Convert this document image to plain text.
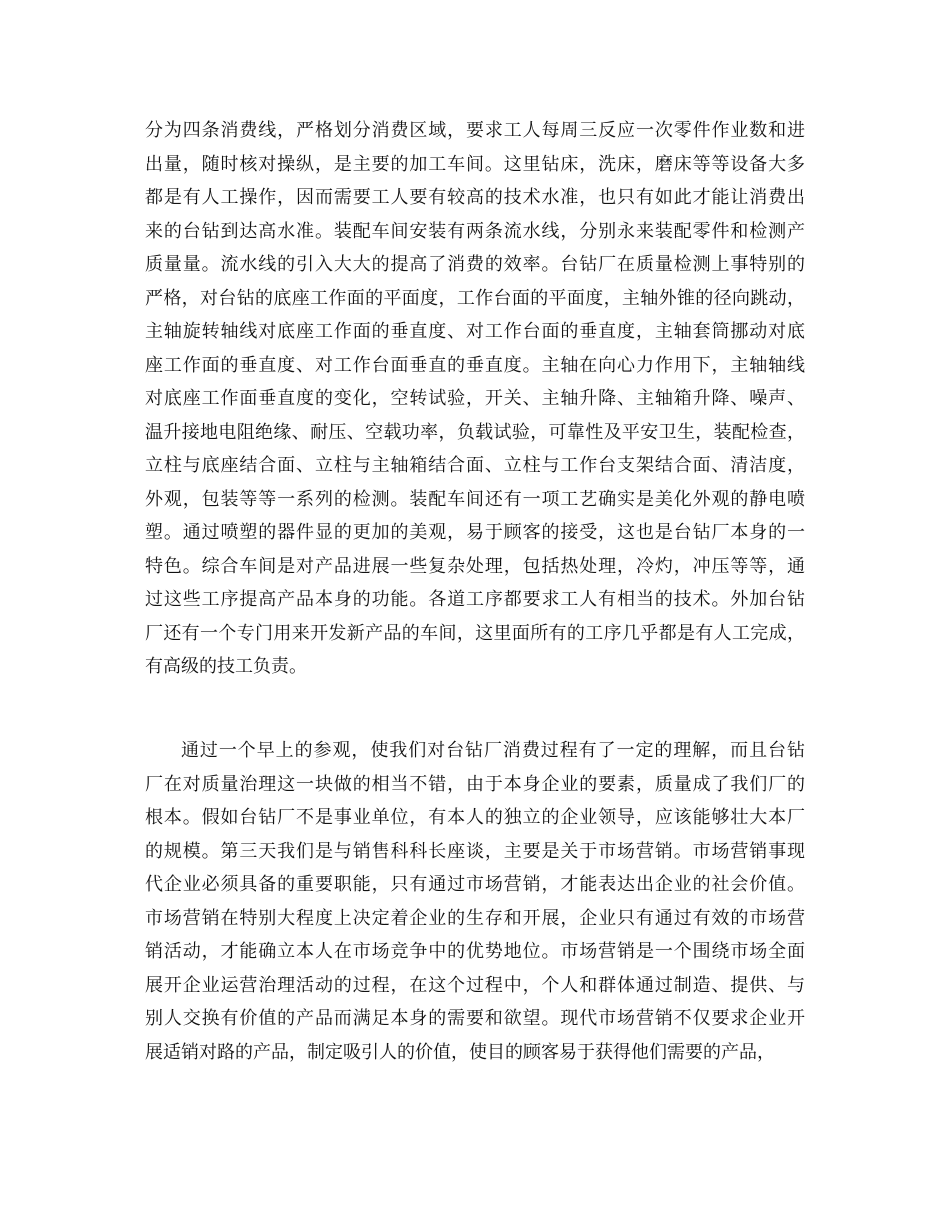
分为四条消费线，严格划分消费区域，要求工人每周三反应一次零件作业数和进
出量，随时核对操纵，是主要的加工车间。这里钻床，洗床，磨床等等设备大多
都是有人工操作，因而需要工人要有较高的技术水准，也只有如此才能让消费出
来的台钻到达高水准。装配车间安装有两条流水线，分别永来装配零件和检测产
质量量。流水线的引入大大的提高了消费的效率。台钻厂在质量检测上事特别的
严格，对台钻的底座工作面的平面度，工作台面的平面度，主轴外锥的径向跳动，
主轴旋转轴线对底座工作面的垂直度、对工作台面的垂直度，主轴套筒挪动对底
座工作面的垂直度、对工作台面垂直的垂直度。主轴在向心力作用下，主轴轴线
对底座工作面垂直度的变化，空转试验，开关、主轴升降、主轴箱升降、噪声、
温升接地电阻绝缘、耐压、空载功率，负载试验，可靠性及平安卫生，装配检查，
立柱与底座结合面、立柱与主轴箱结合面、立柱与工作台支架结合面、清洁度，
外观，包装等等一系列的检测。装配车间还有一项工艺确实是美化外观的静电喷
塑。通过喷塑的器件显的更加的美观，易于顾客的接受，这也是台钻厂本身的一
特色。综合车间是对产品进展一些复杂处理，包括热处理，冷灼，冲压等等，通
过这些工序提高产品本身的功能。各道工序都要求工人有相当的技术。外加台钻
厂还有一个专门用来开发新产品的车间，这里面所有的工序几乎都是有人工完成，
有高级的技工负责。
通过一个早上的参观，使我们对台钻厂消费过程有了一定的理解，而且台钻
厂在对质量治理这一块做的相当不错，由于本身企业的要素，质量成了我们厂的
根本。假如台钻厂不是事业单位，有本人的独立的企业领导，应该能够壮大本厂
的规模。第三天我们是与销售科科长座谈，主要是关于市场营销。市场营销事现
代企业必须具备的重要职能，只有通过市场营销，才能表达出企业的社会价值。
市场营销在特别大程度上决定着企业的生存和开展，企业只有通过有效的市场营
销活动，才能确立本人在市场竞争中的优势地位。市场营销是一个围绕市场全面
展开企业运营治理活动的过程，在这个过程中，个人和群体通过制造、提供、与
别人交换有价值的产品而满足本身的需要和欲望。现代市场营销不仅要求企业开
展适销对路的产品，制定吸引人的价值，使目的顾客易于获得他们需要的产品，
